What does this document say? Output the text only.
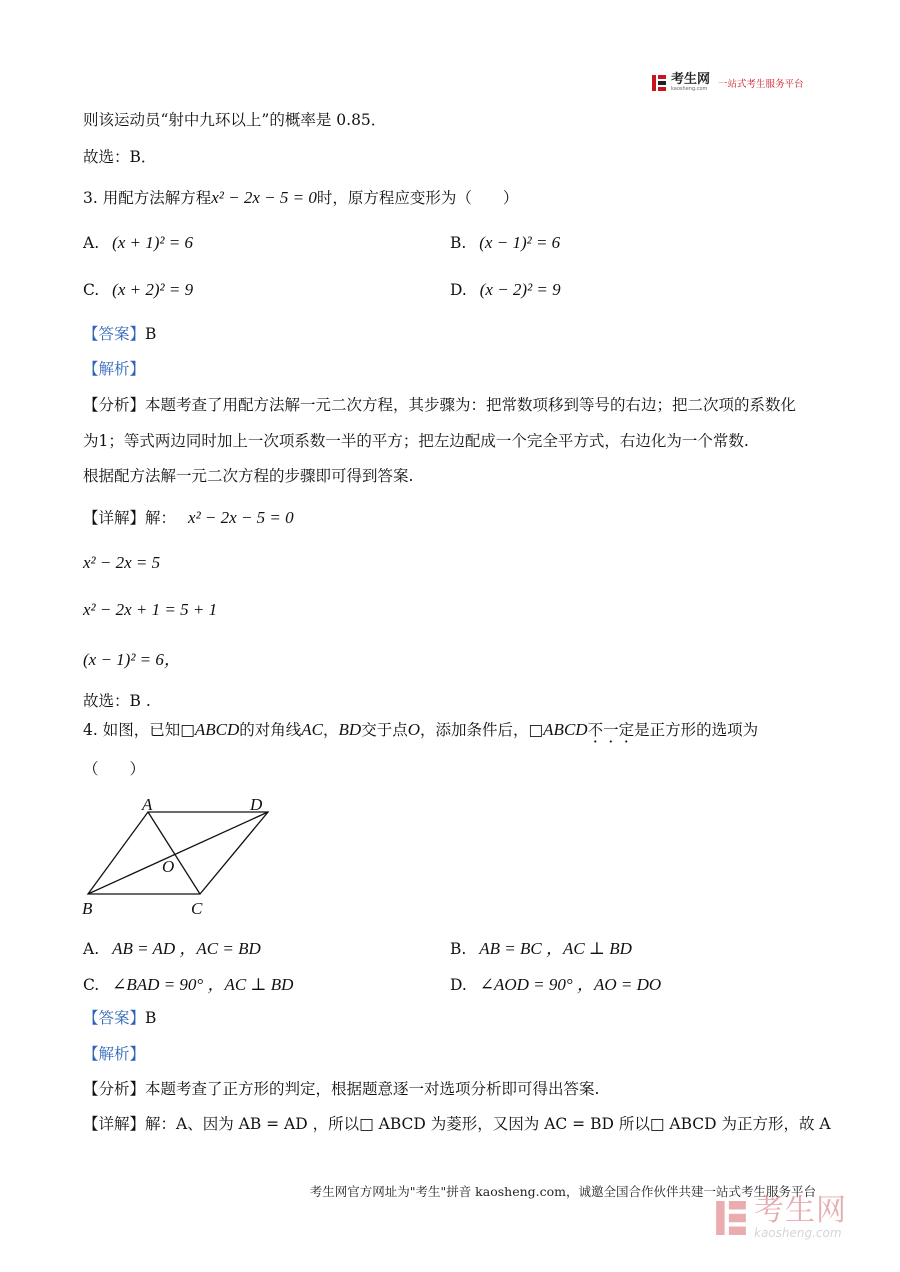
考生网
kaosheng.com 一站式考生服务平台
则该运动员“射中九环以上”的概率是 0.85．
故选：B．
3. 用配方法解方程x² − 2x − 5 = 0时，原方程应变形为（　　）
A. (x + 1)² = 6	B. (x − 1)² = 6
C. (x + 2)² = 9	D. (x − 2)² = 9
【答案】B
【解析】
【分析】本题考查了用配方法解一元二次方程，其步骤为：把常数项移到等号的右边；把二次项的系数化
为1；等式两边同时加上一次项系数一半的平方；把左边配成一个完全平方式，右边化为一个常数.
根据配方法解一元二次方程的步骤即可得到答案.
【详解】解： x² − 2x − 5 = 0
x² − 2x = 5
x² − 2x + 1 = 5 + 1
(x − 1)² = 6，
故选：B .
4. 如图，已知□ABCD的对角线AC，BD交于点O，添加条件后，□ABCD不一定是正方形的选项为
（　　）
A	D
B	C
O
A. AB = AD ，AC = BD	B. AB = BC ，AC ⊥ BD
C. ∠BAD = 90° ，AC ⊥ BD	D. ∠AOD = 90° ，AO = DO
【答案】B
【解析】
【分析】本题考查了正方形的判定，根据题意逐一对选项分析即可得出答案.
【详解】解：A、因为 AB = AD ，所以□ ABCD 为菱形，又因为 AC = BD 所以□ ABCD 为正方形，故 A
考生网官方网址为"考生"拼音 kaosheng.com，诚邀全国合作伙伴共建一站式考生服务平台
考生网
kaosheng.com
